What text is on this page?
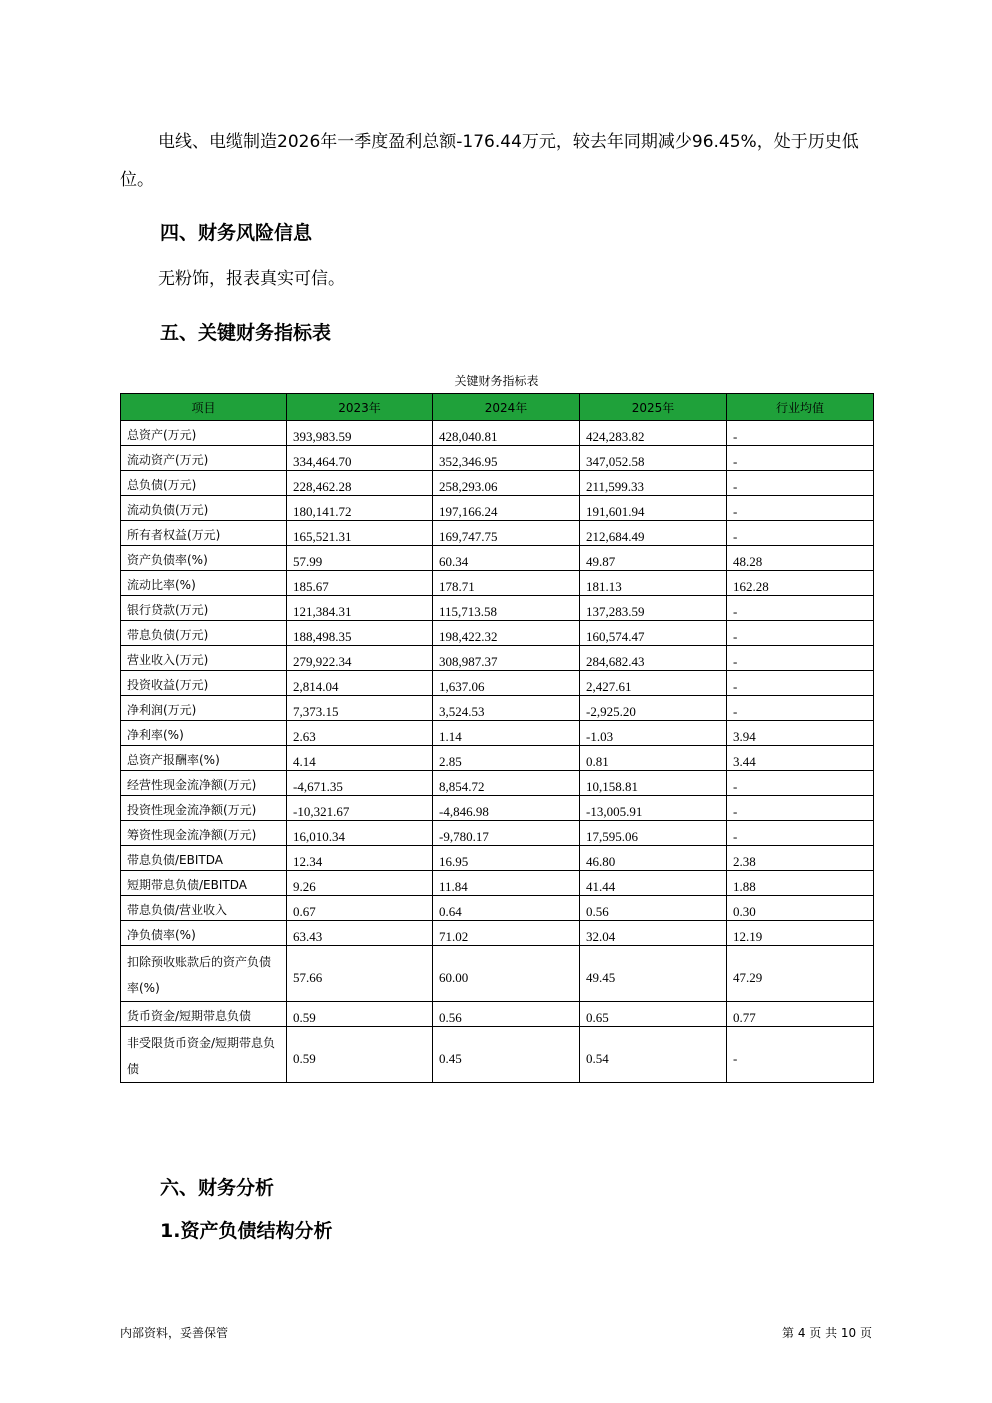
电线、电缆制造2026年一季度盈利总额-176.44万元，较去年同期减少96.45%，处于历史低位。

四、财务风险信息

无粉饰，报表真实可信。

五、关键财务指标表
关键财务指标表
项目	2023年	2024年	2025年	行业均值
总资产(万元)	393,983.59	428,040.81	424,283.82	-
流动资产(万元)	334,464.70	352,346.95	347,052.58	-
总负债(万元)	228,462.28	258,293.06	211,599.33	-
流动负债(万元)	180,141.72	197,166.24	191,601.94	-
所有者权益(万元)	165,521.31	169,747.75	212,684.49	-
资产负债率(%)	57.99	60.34	49.87	48.28
流动比率(%)	185.67	178.71	181.13	162.28
银行贷款(万元)	121,384.31	115,713.58	137,283.59	-
带息负债(万元)	188,498.35	198,422.32	160,574.47	-
营业收入(万元)	279,922.34	308,987.37	284,682.43	-
投资收益(万元)	2,814.04	1,637.06	2,427.61	-
净利润(万元)	7,373.15	3,524.53	-2,925.20	-
净利率(%)	2.63	1.14	-1.03	3.94
总资产报酬率(%)	4.14	2.85	0.81	3.44
经营性现金流净额(万元)	-4,671.35	8,854.72	10,158.81	-
投资性现金流净额(万元)	-10,321.67	-4,846.98	-13,005.91	-
筹资性现金流净额(万元)	16,010.34	-9,780.17	17,595.06	-
带息负债/EBITDA	12.34	16.95	46.80	2.38
短期带息负债/EBITDA	9.26	11.84	41.44	1.88
带息负债/营业收入	0.67	0.64	0.56	0.30
净负债率(%)	63.43	71.02	32.04	12.19
扣除预收账款后的资产负债率(%)	57.66	60.00	49.45	47.29
货币资金/短期带息负债	0.59	0.56	0.65	0.77
非受限货币资金/短期带息负债	0.59	0.45	0.54	-
六、财务分析
1.资产负债结构分析
内部资料，妥善保管	第 4 页 共 10 页
